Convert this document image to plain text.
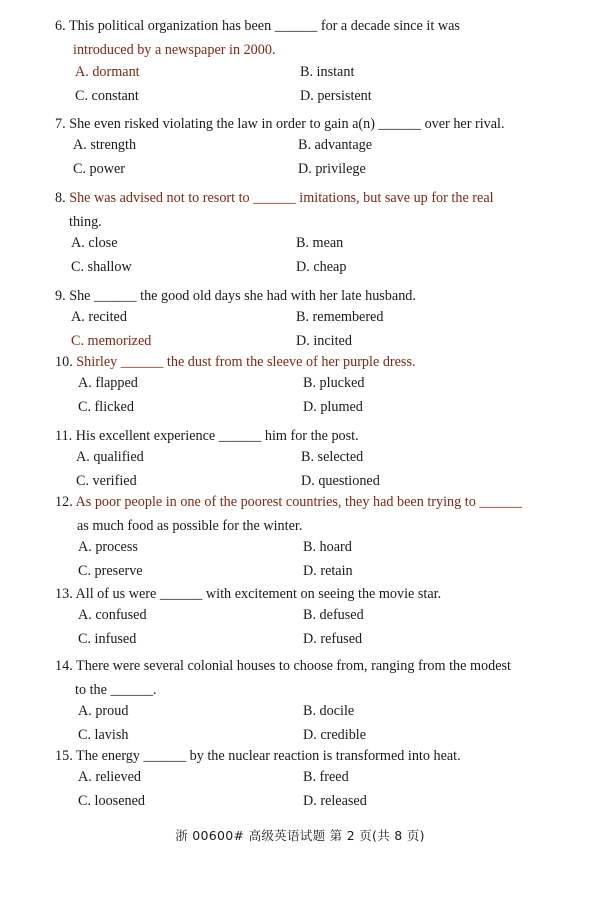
6. This political organization has been ______ for a decade since it was
introduced by a newspaper in 2000.
A. dormant	B. instant
C. constant	D. persistent
7. She even risked violating the law in order to gain a(n) ______ over her rival.
A. strength	B. advantage
C. power	D. privilege
8. She was advised not to resort to ______ imitations, but save up for the real
thing.
A. close	B. mean
C. shallow	D. cheap
9. She ______ the good old days she had with her late husband.
A. recited	B. remembered
C. memorized	D. incited
10. Shirley ______ the dust from the sleeve of her purple dress.
A. flapped	B. plucked
C. flicked	D. plumed
11. His excellent experience ______ him for the post.
A. qualified	B. selected
C. verified	D. questioned
12. As poor people in one of the poorest countries, they had been trying to ______
as much food as possible for the winter.
A. process	B. hoard
C. preserve	D. retain
13. All of us were ______ with excitement on seeing the movie star.
A. confused	B. defused
C. infused	D. refused
14. There were several colonial houses to choose from, ranging from the modest
to the ______.
A. proud	B. docile
C. lavish	D. credible
15. The energy ______ by the nuclear reaction is transformed into heat.
A. relieved	B. freed
C. loosened	D. released
浙 00600# 高级英语试题 第 2 页(共 8 页)
